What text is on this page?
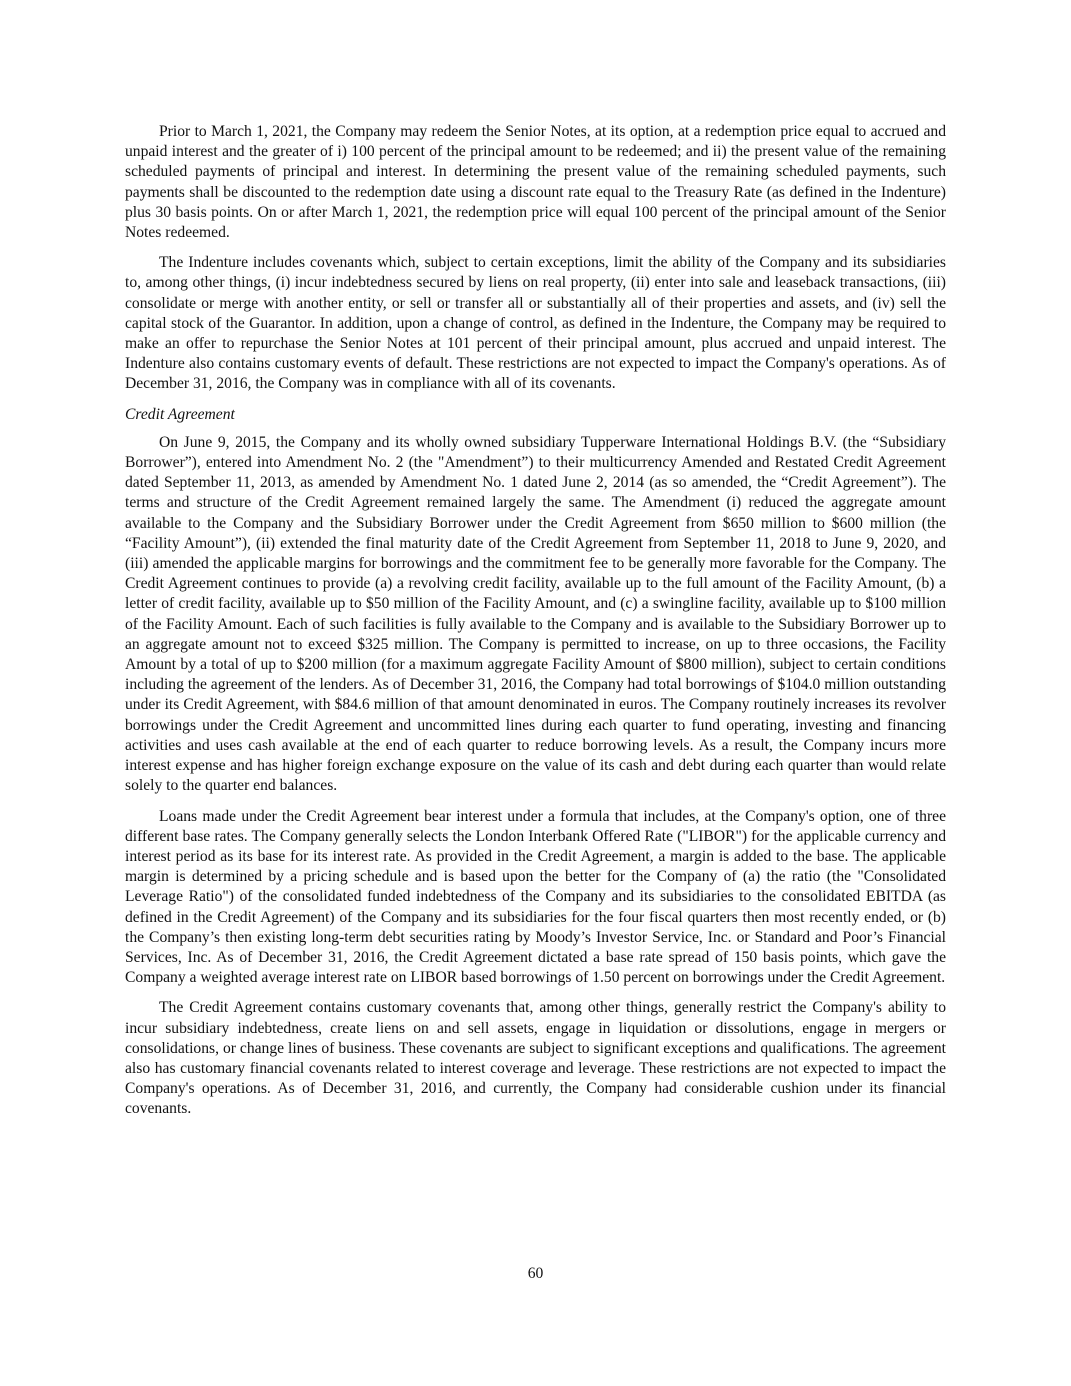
Prior to March 1, 2021, the Company may redeem the Senior Notes, at its option, at a redemption price equal to accrued and unpaid interest and the greater of i) 100 percent of the principal amount to be redeemed; and ii) the present value of the remaining scheduled payments of principal and interest. In determining the present value of the remaining scheduled payments, such payments shall be discounted to the redemption date using a discount rate equal to the Treasury Rate (as defined in the Indenture) plus 30 basis points. On or after March 1, 2021, the redemption price will equal 100 percent of the principal amount of the Senior Notes redeemed.

The Indenture includes covenants which, subject to certain exceptions, limit the ability of the Company and its subsidiaries to, among other things, (i) incur indebtedness secured by liens on real property, (ii) enter into sale and leaseback transactions, (iii) consolidate or merge with another entity, or sell or transfer all or substantially all of their properties and assets, and (iv) sell the capital stock of the Guarantor. In addition, upon a change of control, as defined in the Indenture, the Company may be required to make an offer to repurchase the Senior Notes at 101 percent of their principal amount, plus accrued and unpaid interest. The Indenture also contains customary events of default. These restrictions are not expected to impact the Company's operations. As of December 31, 2016, the Company was in compliance with all of its covenants.

Credit Agreement

On June 9, 2015, the Company and its wholly owned subsidiary Tupperware International Holdings B.V. (the “Subsidiary Borrower”), entered into Amendment No. 2 (the "Amendment”) to their multicurrency Amended and Restated Credit Agreement dated September 11, 2013, as amended by Amendment No. 1 dated June 2, 2014 (as so amended, the “Credit Agreement”). The terms and structure of the Credit Agreement remained largely the same. The Amendment (i) reduced the aggregate amount available to the Company and the Subsidiary Borrower under the Credit Agreement from $650 million to $600 million (the “Facility Amount”), (ii) extended the final maturity date of the Credit Agreement from September 11, 2018 to June 9, 2020, and (iii) amended the applicable margins for borrowings and the commitment fee to be generally more favorable for the Company. The Credit Agreement continues to provide (a) a revolving credit facility, available up to the full amount of the Facility Amount, (b) a letter of credit facility, available up to $50 million of the Facility Amount, and (c) a swingline facility, available up to $100 million of the Facility Amount. Each of such facilities is fully available to the Company and is available to the Subsidiary Borrower up to an aggregate amount not to exceed $325 million. The Company is permitted to increase, on up to three occasions, the Facility Amount by a total of up to $200 million (for a maximum aggregate Facility Amount of $800 million), subject to certain conditions including the agreement of the lenders. As of December 31, 2016, the Company had total borrowings of $104.0 million outstanding under its Credit Agreement, with $84.6 million of that amount denominated in euros. The Company routinely increases its revolver borrowings under the Credit Agreement and uncommitted lines during each quarter to fund operating, investing and financing activities and uses cash available at the end of each quarter to reduce borrowing levels. As a result, the Company incurs more interest expense and has higher foreign exchange exposure on the value of its cash and debt during each quarter than would relate solely to the quarter end balances.

Loans made under the Credit Agreement bear interest under a formula that includes, at the Company's option, one of three different base rates. The Company generally selects the London Interbank Offered Rate ("LIBOR") for the applicable currency and interest period as its base for its interest rate. As provided in the Credit Agreement, a margin is added to the base. The applicable margin is determined by a pricing schedule and is based upon the better for the Company of (a) the ratio (the "Consolidated Leverage Ratio") of the consolidated funded indebtedness of the Company and its subsidiaries to the consolidated EBITDA (as defined in the Credit Agreement) of the Company and its subsidiaries for the four fiscal quarters then most recently ended, or (b) the Company’s then existing long-term debt securities rating by Moody’s Investor Service, Inc. or Standard and Poor’s Financial Services, Inc. As of December 31, 2016, the Credit Agreement dictated a base rate spread of 150 basis points, which gave the Company a weighted average interest rate on LIBOR based borrowings of 1.50 percent on borrowings under the Credit Agreement.

The Credit Agreement contains customary covenants that, among other things, generally restrict the Company's ability to incur subsidiary indebtedness, create liens on and sell assets, engage in liquidation or dissolutions, engage in mergers or consolidations, or change lines of business. These covenants are subject to significant exceptions and qualifications. The agreement also has customary financial covenants related to interest coverage and leverage. These restrictions are not expected to impact the Company's operations. As of December 31, 2016, and currently, the Company had considerable cushion under its financial covenants.

60
